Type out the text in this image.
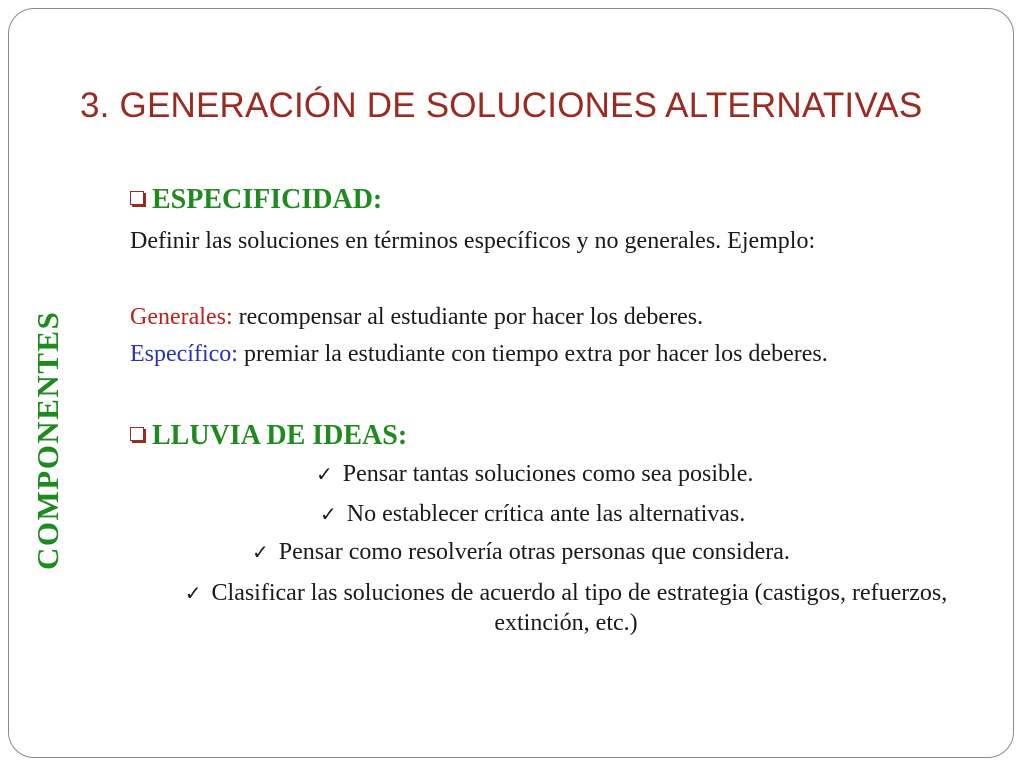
3. GENERACIÓN DE SOLUCIONES ALTERNATIVAS
COMPONENTES
ESPECIFICIDAD:
Definir las soluciones en términos específicos y no generales. Ejemplo:
Generales: recompensar al estudiante por hacer los deberes.
Específico: premiar la estudiante con tiempo extra por hacer los deberes.
LLUVIA DE IDEAS:
✓ Pensar tantas soluciones como sea posible.
✓ No establecer crítica ante las alternativas.
✓ Pensar como resolvería otras personas que considera.
✓ Clasificar las soluciones de acuerdo al tipo de estrategia (castigos, refuerzos, extinción, etc.)
